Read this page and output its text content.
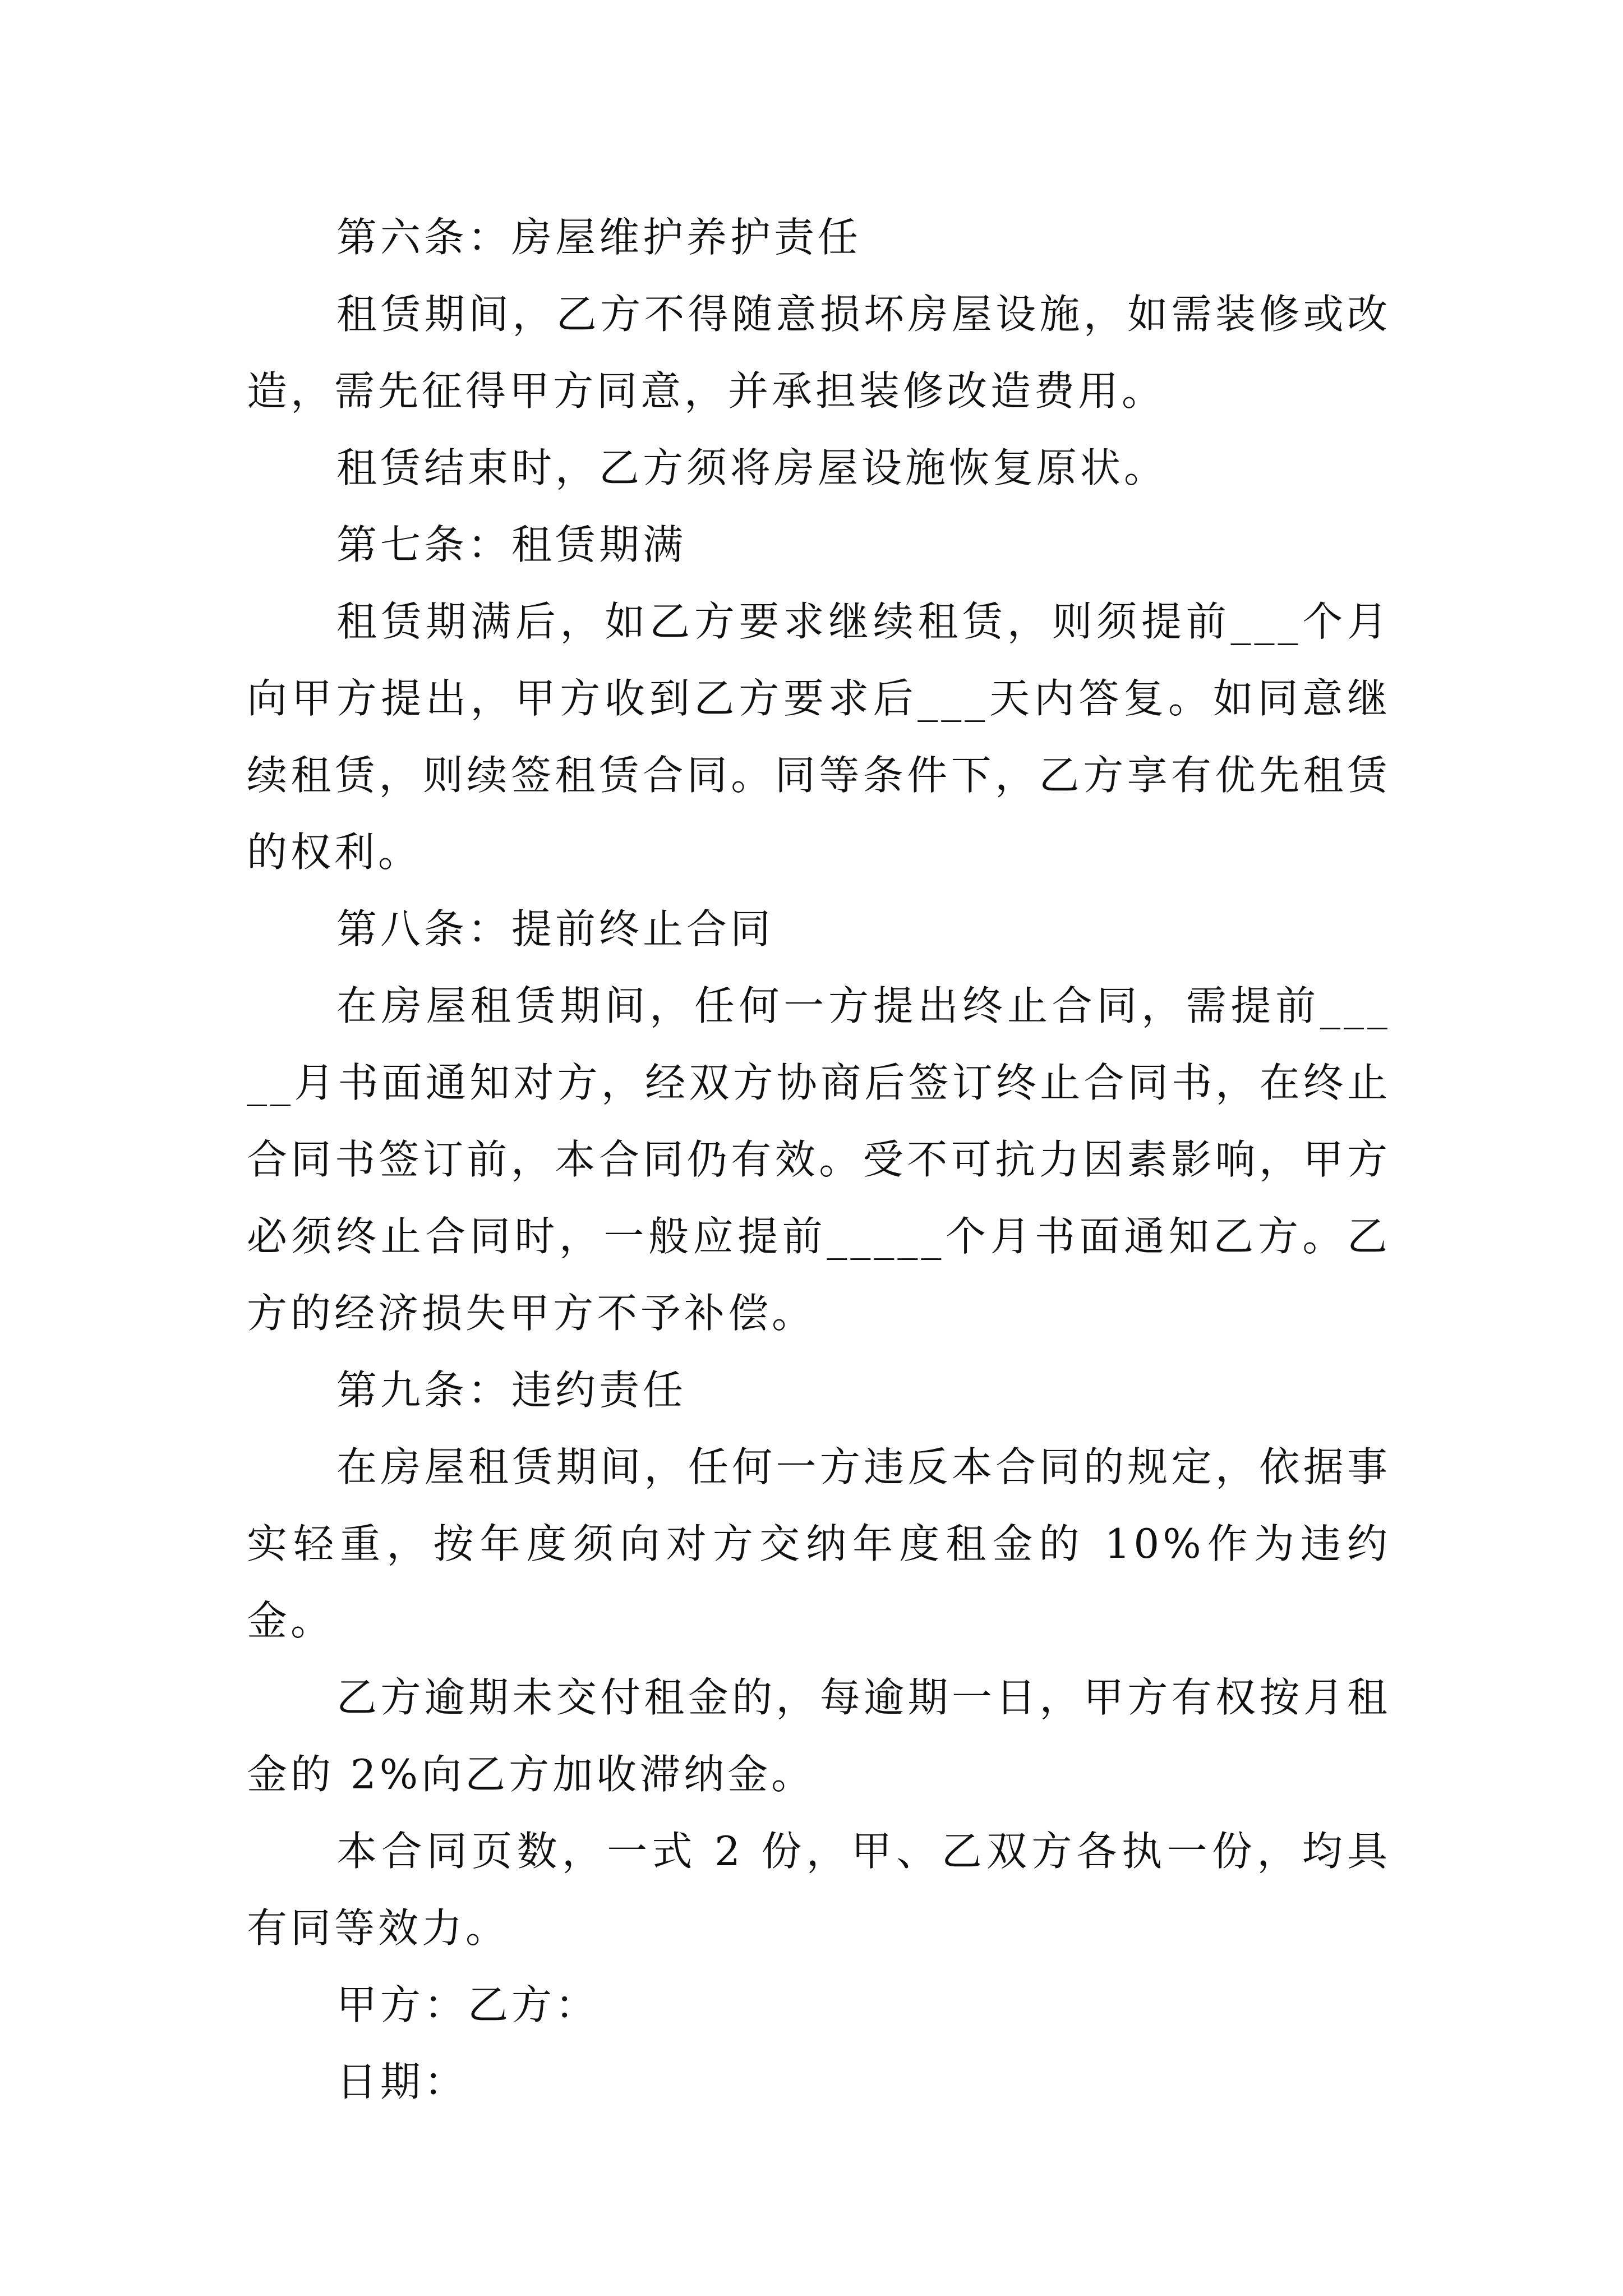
第六条：房屋维护养护责任

租赁期间，乙方不得随意损坏房屋设施，如需装修或改造，需先征得甲方同意，并承担装修改造费用。

租赁结束时，乙方须将房屋设施恢复原状。

第七条：租赁期满

租赁期满后，如乙方要求继续租赁，则须提前___个月向甲方提出，甲方收到乙方要求后___天内答复。如同意继续租赁，则续签租赁合同。同等条件下，乙方享有优先租赁的权利。

第八条：提前终止合同

在房屋租赁期间，任何一方提出终止合同，需提前_____月书面通知对方，经双方协商后签订终止合同书，在终止合同书签订前，本合同仍有效。受不可抗力因素影响，甲方必须终止合同时，一般应提前_____个月书面通知乙方。乙方的经济损失甲方不予补偿。

第九条：违约责任

在房屋租赁期间，任何一方违反本合同的规定，依据事实轻重，按年度须向对方交纳年度租金的 10%作为违约金。

乙方逾期未交付租金的，每逾期一日，甲方有权按月租金的 2%向乙方加收滞纳金。

本合同页数，一式 2 份，甲、乙双方各执一份，均具有同等效力。

甲方：乙方：

日期：
